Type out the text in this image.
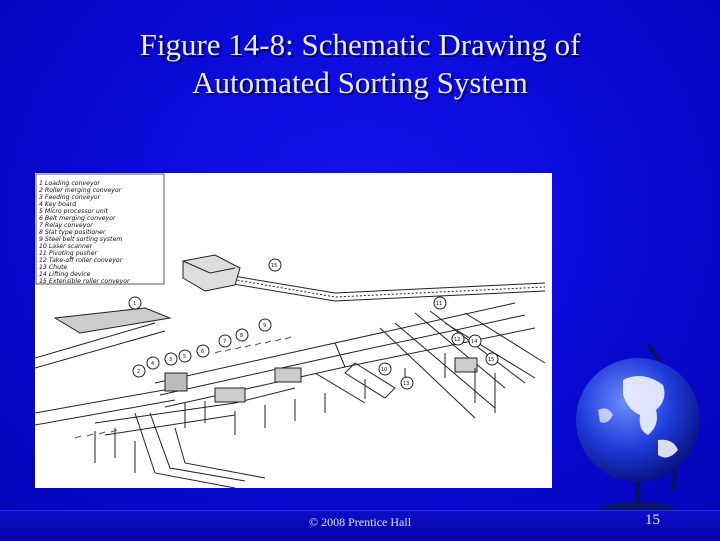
Figure 14-8: Schematic Drawing of
Automated Sorting System
1 Loading conveyor
2 Roller merging conveyor
3 Feeding conveyor
4 Key board
5 Micro processor unit
6 Belt merging conveyor
7 Relay conveyor
8 Slat type positioner
9 Steel belt sorting system
10 Laser scanner
11 Pivoting pusher
12 Take-off roller conveyor
13 Chute
14 Lifting device
15 Extensible roller conveyor
1
15
9
8
7
6
5
3
4
2	10
13
12
15
11
14
© 2008 Prentice Hall	15
